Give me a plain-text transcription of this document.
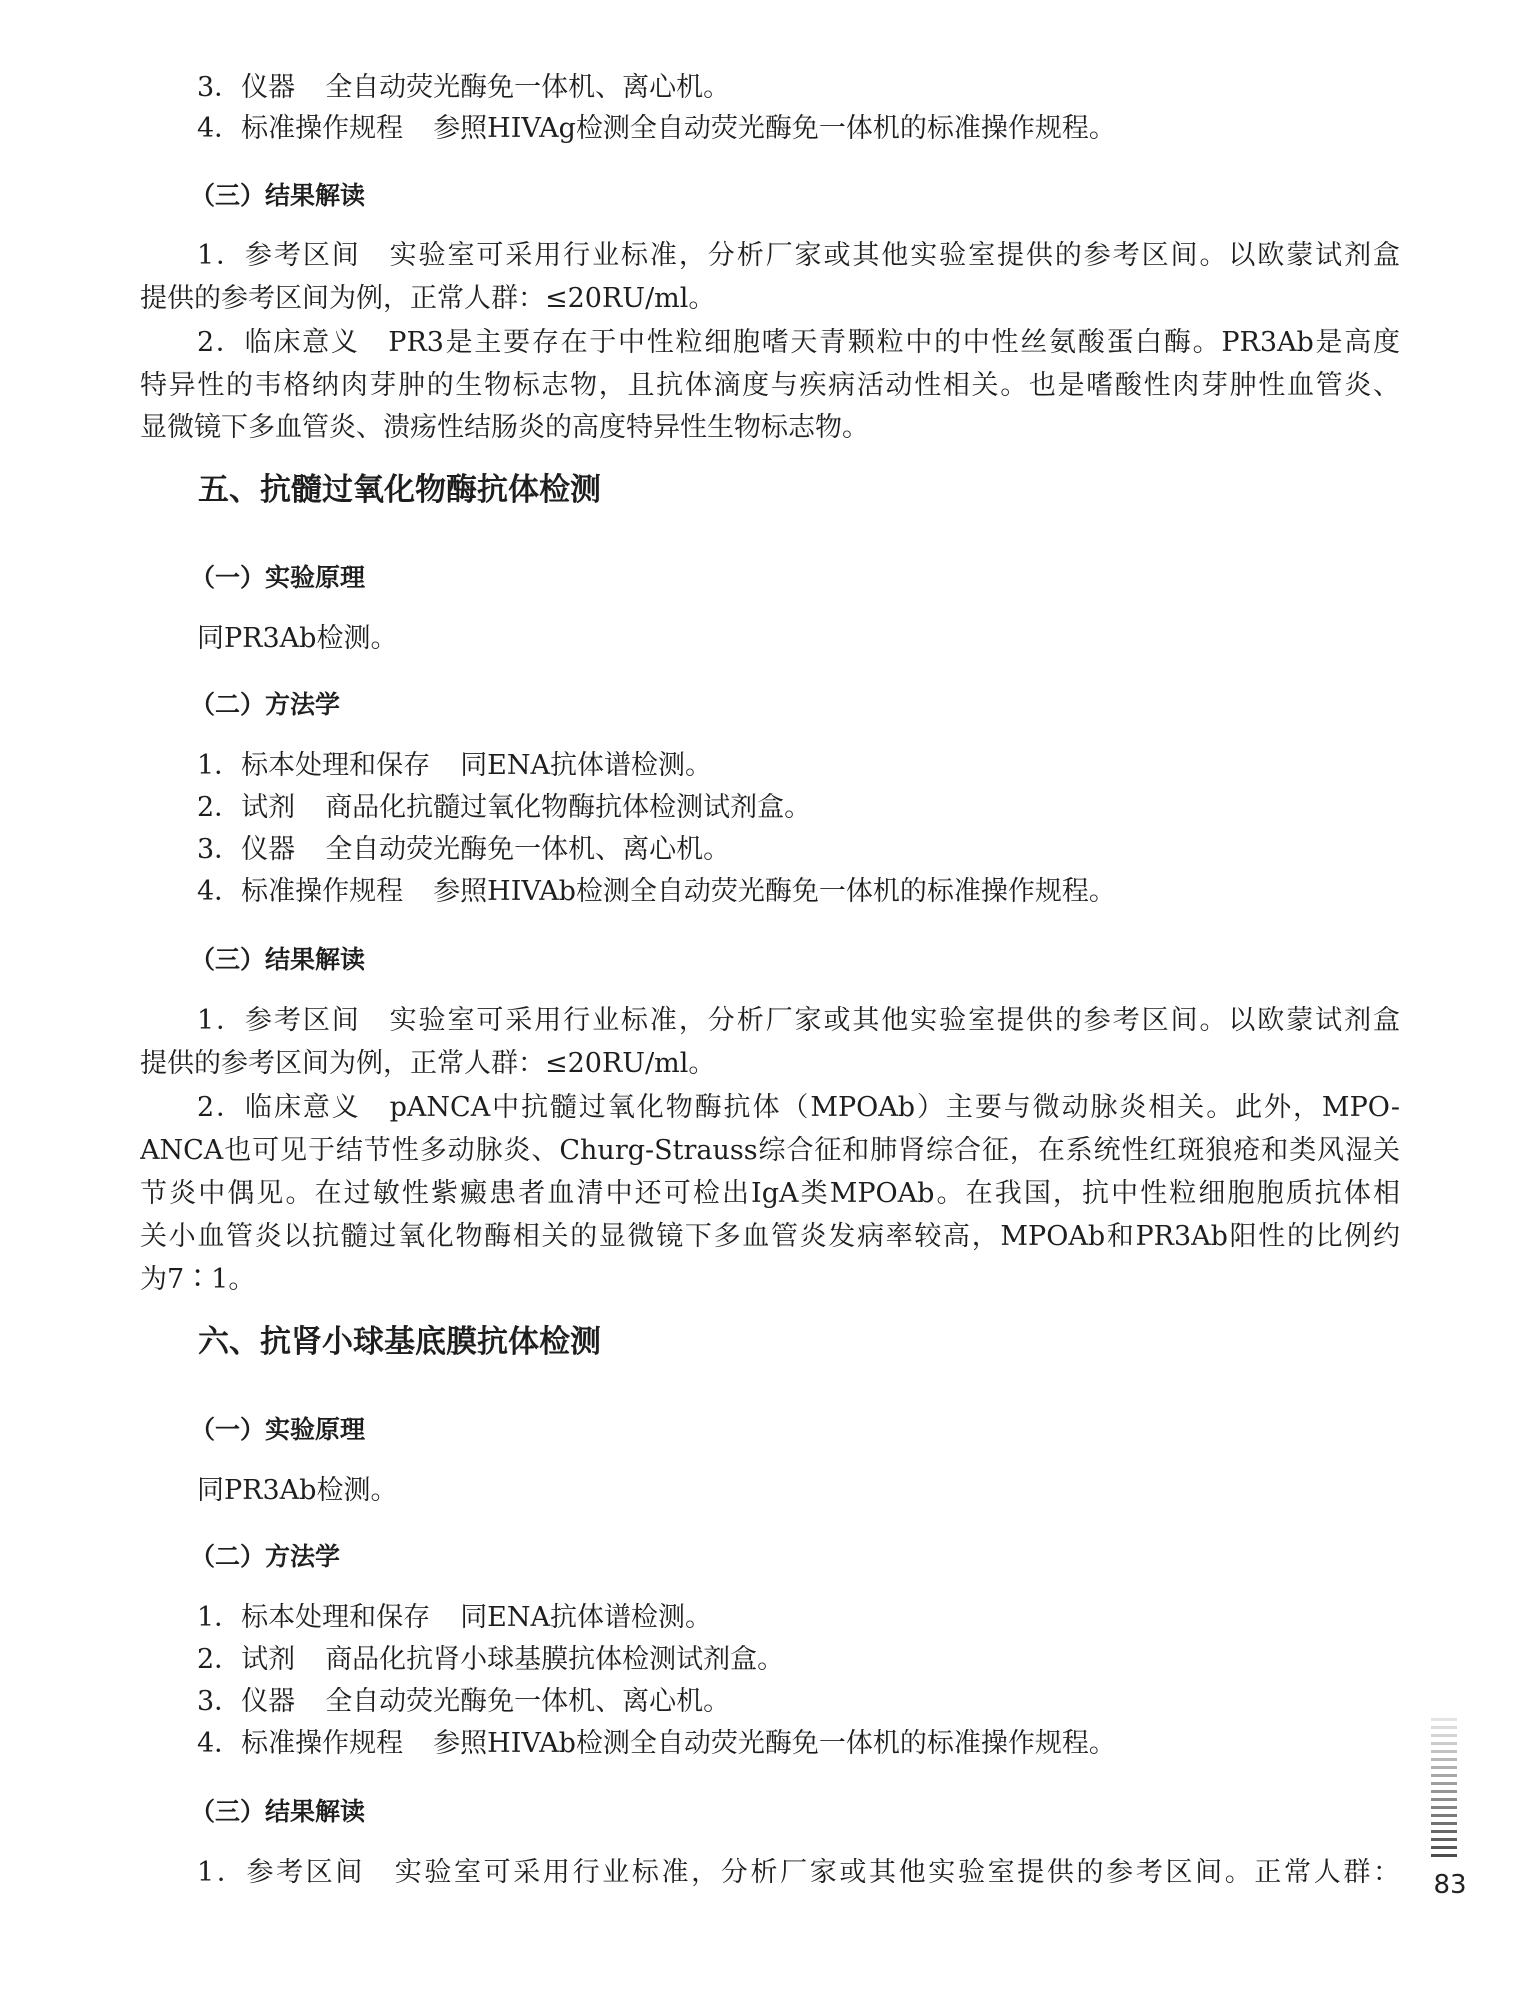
3．仪器 全自动荧光酶免一体机、离心机。
4．标准操作规程 参照HIVAg检测全自动荧光酶免一体机的标准操作规程。
（三）结果解读
1．参考区间　实验室可采用行业标准，分析厂家或其他实验室提供的参考区间。以欧蒙试剂盒
提供的参考区间为例，正常人群：≤20RU/ml。
2．临床意义　PR3是主要存在于中性粒细胞嗜天青颗粒中的中性丝氨酸蛋白酶。PR3Ab是高度
特异性的韦格纳肉芽肿的生物标志物，且抗体滴度与疾病活动性相关。也是嗜酸性肉芽肿性血管炎、
显微镜下多血管炎、溃疡性结肠炎的高度特异性生物标志物。
五、抗髓过氧化物酶抗体检测
（一）实验原理
同PR3Ab检测。
（二）方法学
1．标本处理和保存 同ENA抗体谱检测。
2．试剂 商品化抗髓过氧化物酶抗体检测试剂盒。
3．仪器 全自动荧光酶免一体机、离心机。
4．标准操作规程 参照HIVAb检测全自动荧光酶免一体机的标准操作规程。
（三）结果解读
1．参考区间　实验室可采用行业标准，分析厂家或其他实验室提供的参考区间。以欧蒙试剂盒
提供的参考区间为例，正常人群：≤20RU/ml。
2．临床意义　pANCA中抗髓过氧化物酶抗体（MPOAb）主要与微动脉炎相关。此外，MPO-
ANCA也可见于结节性多动脉炎、Churg-Strauss综合征和肺肾综合征，在系统性红斑狼疮和类风湿关
节炎中偶见。在过敏性紫癜患者血清中还可检出IgA类MPOAb。在我国，抗中性粒细胞胞质抗体相
关小血管炎以抗髓过氧化物酶相关的显微镜下多血管炎发病率较高，MPOAb和PR3Ab阳性的比例约
为7∶1。
六、抗肾小球基底膜抗体检测
（一）实验原理
同PR3Ab检测。
（二）方法学
1．标本处理和保存 同ENA抗体谱检测。
2．试剂 商品化抗肾小球基膜抗体检测试剂盒。
3．仪器 全自动荧光酶免一体机、离心机。
4．标准操作规程 参照HIVAb检测全自动荧光酶免一体机的标准操作规程。
（三）结果解读
1．参考区间　实验室可采用行业标准，分析厂家或其他实验室提供的参考区间。正常人群：	83
